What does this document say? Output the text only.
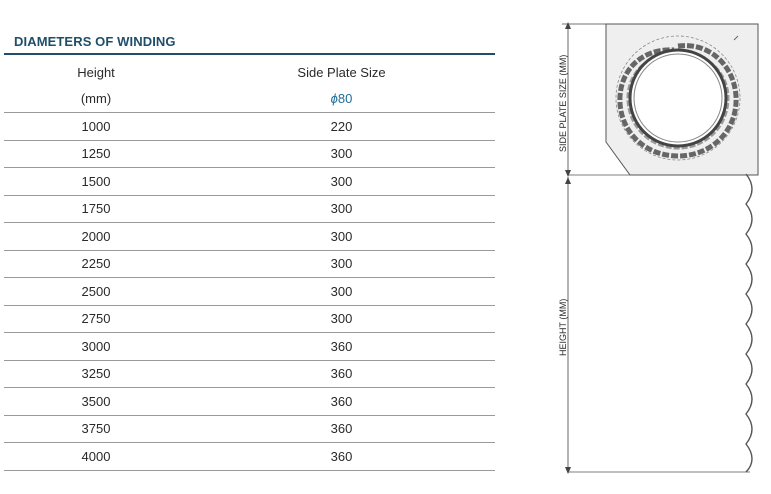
DIAMETERS OF WINDING
Height	Side Plate Size
(mm)	ϕ80
1000	220
1250	300
1500	300
1750	300
2000	300
2250	300
2500	300
2750	300
3000	360
3250	360
3500	360
3750	360
4000	360
SIDE PLATE SIZE (MM)
HEIGHT (MM)
